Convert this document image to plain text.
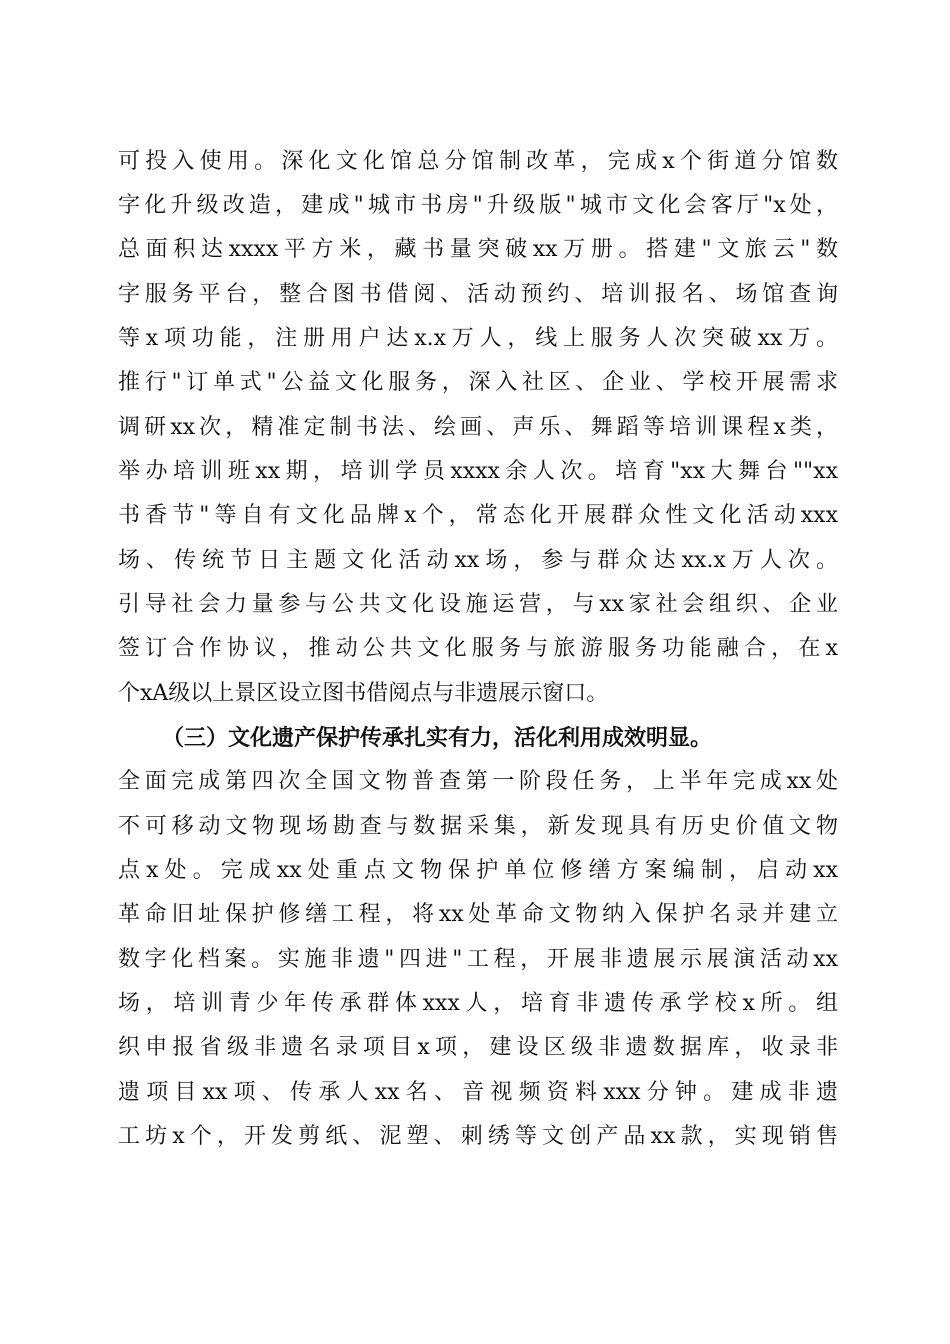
可投入使用。深化文化馆总分馆制改革，完成x个街道分馆数
字化升级改造，建成"城市书房"升级版"城市文化会客厅"x处，
总面积达xxxx平方米，藏书量突破xx万册。搭建"文旅云"数
字服务平台，整合图书借阅、活动预约、培训报名、场馆查询
等x项功能，注册用户达x.x万人，线上服务人次突破xx万。
推行"订单式"公益文化服务，深入社区、企业、学校开展需求
调研xx次，精准定制书法、绘画、声乐、舞蹈等培训课程x类，
举办培训班xx期，培训学员xxxx余人次。培育"xx大舞台""xx
书香节"等自有文化品牌x个，常态化开展群众性文化活动xxx
场、传统节日主题文化活动xx场，参与群众达xx.x万人次。
引导社会力量参与公共文化设施运营，与xx家社会组织、企业
签订合作协议，推动公共文化服务与旅游服务功能融合，在x
个xA级以上景区设立图书借阅点与非遗展示窗口。
（三）文化遗产保护传承扎实有力，活化利用成效明显。
全面完成第四次全国文物普查第一阶段任务，上半年完成xx处
不可移动文物现场勘查与数据采集，新发现具有历史价值文物
点x处。完成xx处重点文物保护单位修缮方案编制，启动xx
革命旧址保护修缮工程，将xx处革命文物纳入保护名录并建立
数字化档案。实施非遗"四进"工程，开展非遗展示展演活动xx
场，培训青少年传承群体xxx人，培育非遗传承学校x所。组
织申报省级非遗名录项目x项，建设区级非遗数据库，收录非
遗项目xx项、传承人xx名、音视频资料xxx分钟。建成非遗
工坊x个，开发剪纸、泥塑、刺绣等文创产品xx款，实现销售
